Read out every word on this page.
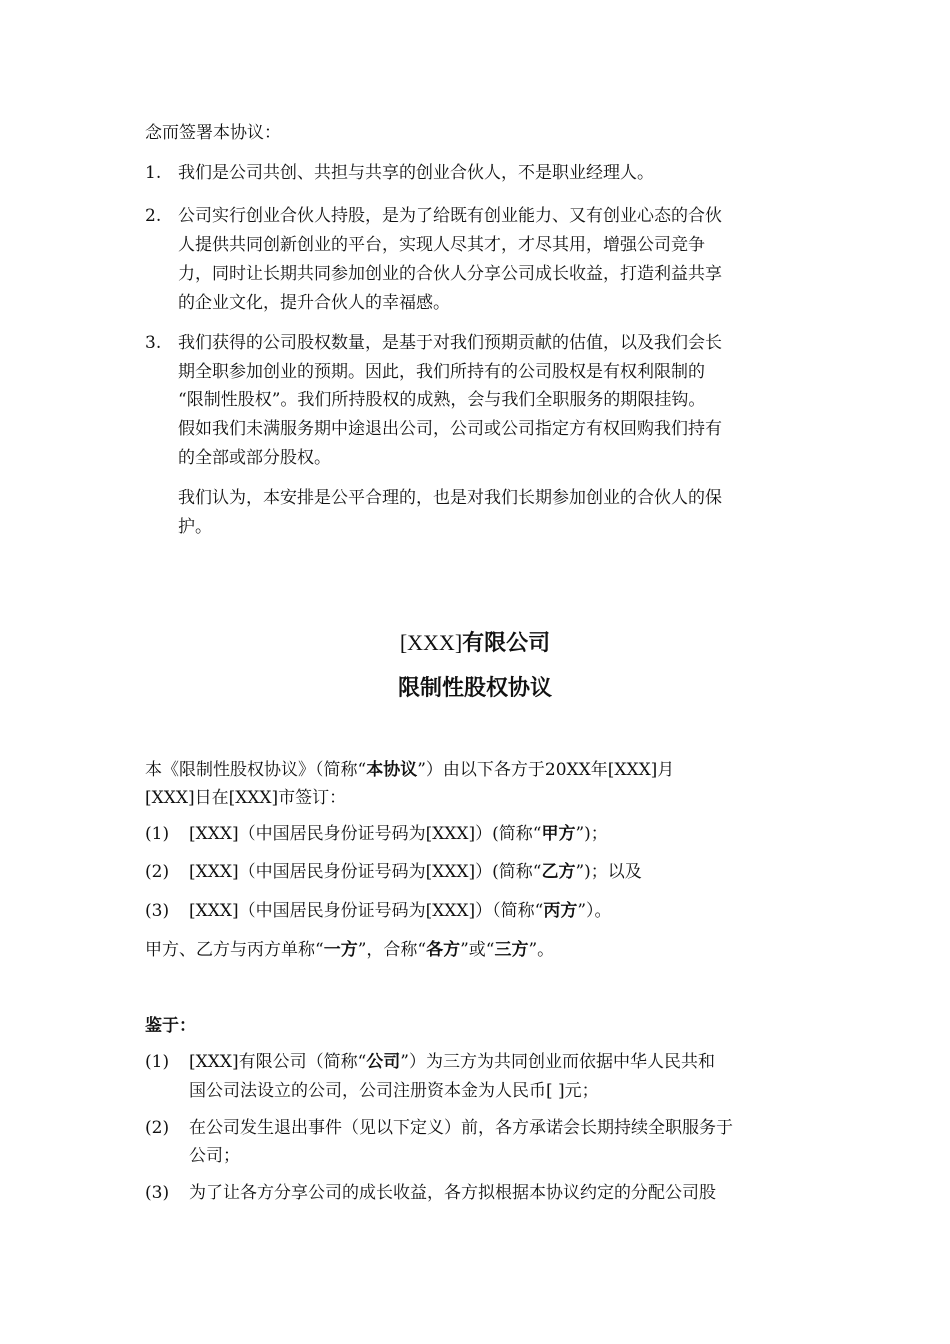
念而签署本协议：
1. 我们是公司共创、共担与共享的创业合伙人，不是职业经理人。
2. 公司实行创业合伙人持股，是为了给既有创业能力、又有创业心态的合伙
人提供共同创新创业的平台，实现人尽其才，才尽其用，增强公司竞争
力，同时让长期共同参加创业的合伙人分享公司成长收益，打造利益共享
的企业文化，提升合伙人的幸福感。
3. 我们获得的公司股权数量，是基于对我们预期贡献的估值，以及我们会长
期全职参加创业的预期。因此，我们所持有的公司股权是有权利限制的
“限制性股权”。我们所持股权的成熟，会与我们全职服务的期限挂钩。
假如我们未满服务期中途退出公司，公司或公司指定方有权回购我们持有
的全部或部分股权。
我们认为，本安排是公平合理的，也是对我们长期参加创业的合伙人的保
护。
[XXX]有限公司
限制性股权协议
本《限制性股权协议》（简称“本协议”）由以下各方于20XX年[XXX]月
[XXX]日在[XXX]市签订：
(1) [XXX]（中国居民身份证号码为[XXX]）(简称“甲方”)；
(2) [XXX]（中国居民身份证号码为[XXX]）(简称“乙方”)；以及
(3) [XXX]（中国居民身份证号码为[XXX]）（简称“丙方”）。
甲方、乙方与丙方单称“一方”，合称“各方”或“三方”。
鉴于：
(1) [XXX]有限公司（简称“公司”）为三方为共同创业而依据中华人民共和
国公司法设立的公司，公司注册资本金为人民币[ ]元；
(2) 在公司发生退出事件（见以下定义）前，各方承诺会长期持续全职服务于
公司；
(3) 为了让各方分享公司的成长收益，各方拟根据本协议约定的分配公司股
